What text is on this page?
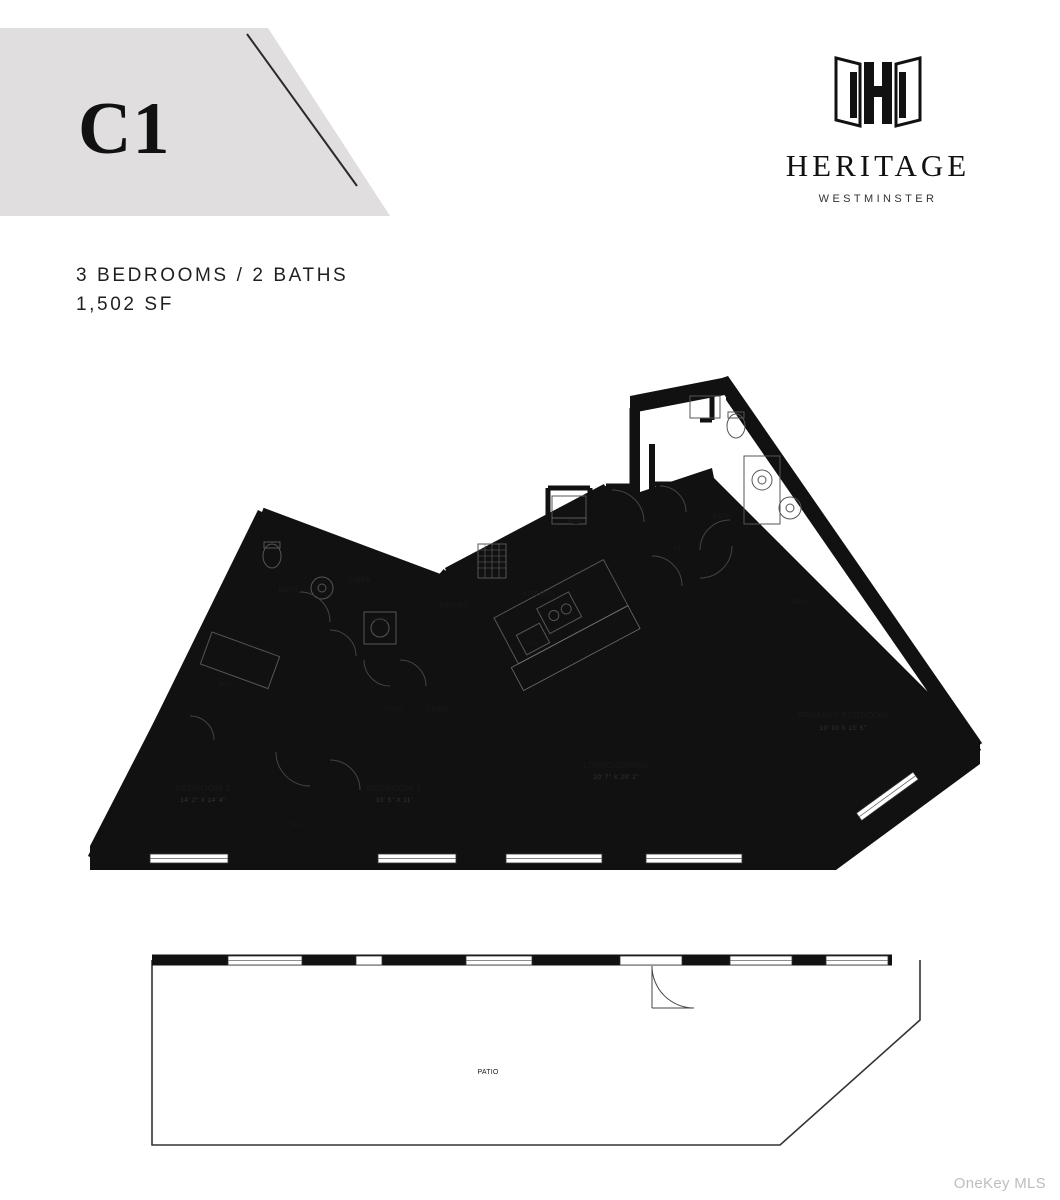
C1	HERITAGE
WESTMINSTER
3 BEDROOMS / 2 BATHS
1,502 SF
BATH
LINEN
W/D
PANTRY
WIC
REF
KITCHEN
DW
BATH
CL
WIC
PRIMARY BEDROOM
10' 10 X 13' 5"
LIVING/DINING
20' 7" X 29' 1"
BEDROOM 2
14' 2" X 14' 4"
HVAC	LINEN
BEDROOM 3
10' 5" X 11'
CL
PATIO
OneKey MLS
